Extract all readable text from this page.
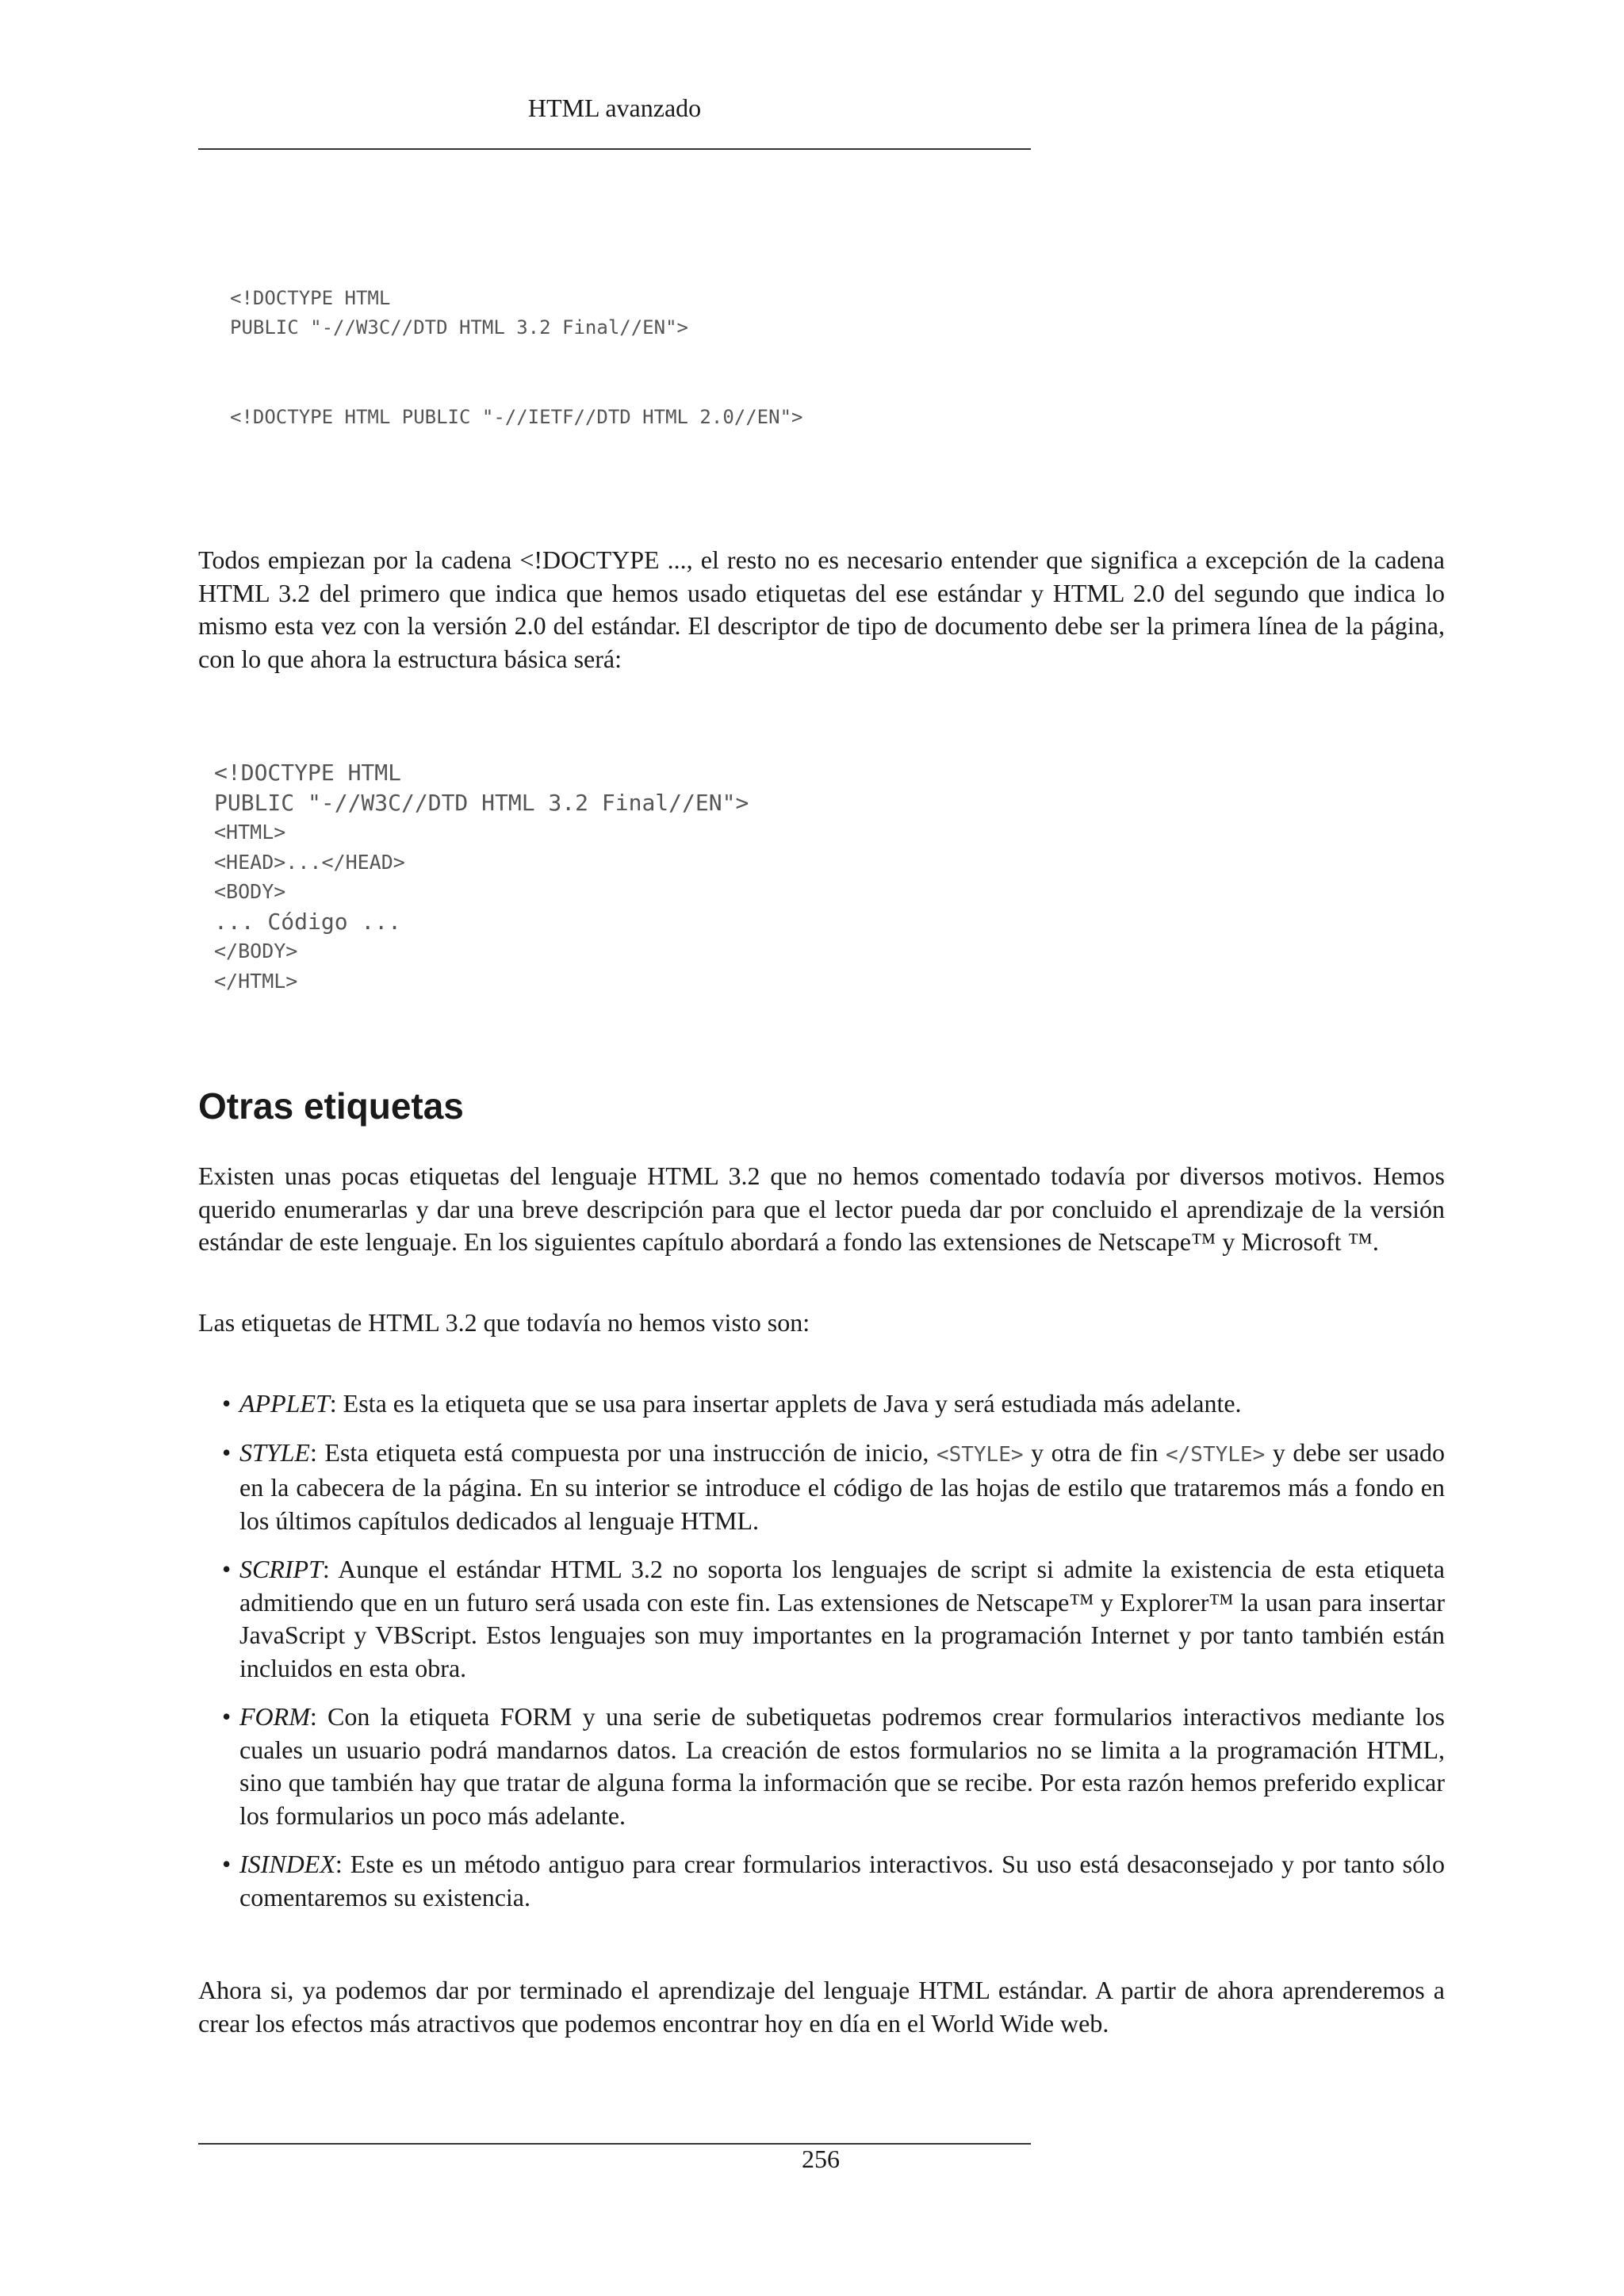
HTML avanzado
<!DOCTYPE HTML
PUBLIC "-//W3C//DTD HTML 3.2 Final//EN">
<!DOCTYPE HTML PUBLIC "-//IETF//DTD HTML 2.0//EN">

Todos empiezan por la cadena <!DOCTYPE ..., el resto no es necesario entender que significa a excepción de la cadena HTML 3.2 del primero que indica que hemos usado etiquetas del ese estándar y HTML 2.0 del segundo que indica lo mismo esta vez con la versión 2.0 del estándar. El descriptor de tipo de documento debe ser la primera línea de la página, con lo que ahora la estructura básica será:

<!DOCTYPE HTML
PUBLIC "-//W3C//DTD HTML 3.2 Final//EN">
<HTML>
<HEAD>...</HEAD>
<BODY>
... Código ...
</BODY>
</HTML>
Otras etiquetas

Existen unas pocas etiquetas del lenguaje HTML 3.2 que no hemos comentado todavía por diversos motivos. Hemos querido enumerarlas y dar una breve descripción para que el lector pueda dar por concluido el aprendizaje de la versión estándar de este lenguaje. En los siguientes capítulo abordará a fondo las extensiones de Netscape™ y Microsoft ™.

Las etiquetas de HTML 3.2 que todavía no hemos visto son:

• APPLET: Esta es la etiqueta que se usa para insertar applets de Java y será estudiada más adelante.
• STYLE: Esta etiqueta está compuesta por una instrucción de inicio, <STYLE> y otra de fin </STYLE> y debe ser usado en la cabecera de la página. En su interior se introduce el código de las hojas de estilo que trataremos más a fondo en los últimos capítulos dedicados al lenguaje HTML.
• SCRIPT: Aunque el estándar HTML 3.2 no soporta los lenguajes de script si admite la existencia de esta etiqueta admitiendo que en un futuro será usada con este fin. Las extensiones de Netscape™ y Explorer™ la usan para insertar JavaScript y VBScript. Estos lenguajes son muy importantes en la programación Internet y por tanto también están incluidos en esta obra.
• FORM: Con la etiqueta FORM y una serie de subetiquetas podremos crear formularios interactivos mediante los cuales un usuario podrá mandarnos datos. La creación de estos formularios no se limita a la programación HTML, sino que también hay que tratar de alguna forma la información que se recibe. Por esta razón hemos preferido explicar los formularios un poco más adelante.
• ISINDEX: Este es un método antiguo para crear formularios interactivos. Su uso está desaconsejado y por tanto sólo comentaremos su existencia.

Ahora si, ya podemos dar por terminado el aprendizaje del lenguaje HTML estándar. A partir de ahora aprenderemos a crear los efectos más atractivos que podemos encontrar hoy en día en el World Wide web.

256
